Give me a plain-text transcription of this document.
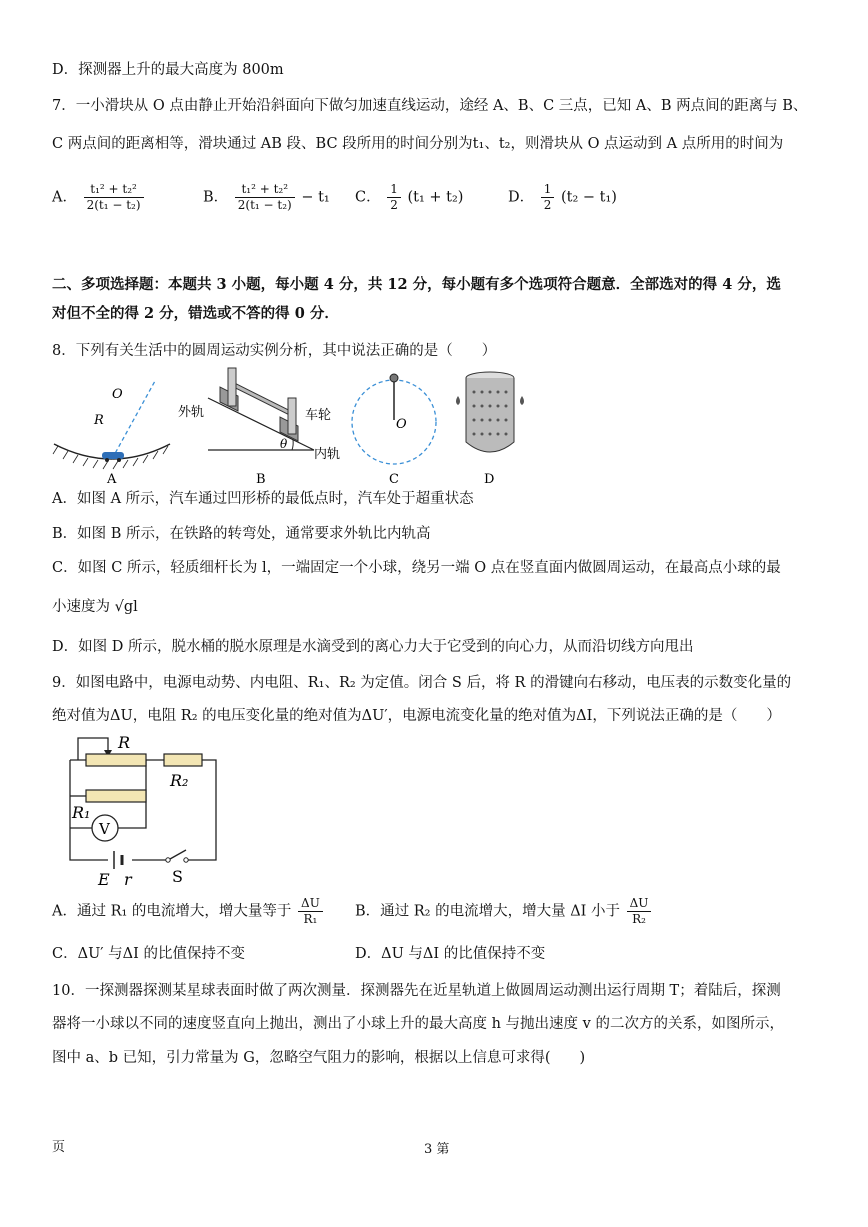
D．探测器上升的最大高度为 800m
7．一小滑块从 O 点由静止开始沿斜面向下做匀加速直线运动，途经 A、B、C 三点，已知 A、B 两点间的距离与 B、
C 两点间的距离相等，滑块通过 AB 段、BC 段所用的时间分别为t₁、t₂，则滑块从 O 点运动到 A 点所用的时间为
A． $\frac{\text{t₁² + t₂²}}{\text{2(t₁ − t₂)}}$	B． $\frac{\text{t₁² + t₂²}}{\text{2(t₁ − t₂)}} - t_1$ C． $\frac{1}{2} (t_1 + t_2)$	D． $\frac{1}{2} (t_2 - t_1)$
二、多项选择题：本题共 3 小题，每小题 4 分，共 12 分，每小题有多个选项符合题意．全部选对的得 4 分，选
对但不全的得 2 分，错选或不答的得 0 分．
8．下列有关生活中的圆周运动实例分析，其中说法正确的是（　　）
O
R
A
外轨	车轮
内轨
θ
B
O
C	D
A．如图 A 所示，汽车通过凹形桥的最低点时，汽车处于超重状态
B．如图 B 所示，在铁路的转弯处，通常要求外轨比内轨高
C．如图 C 所示，轻质细杆长为 l，一端固定一个小球，绕另一端 O 点在竖直面内做圆周运动，在最高点小球的最
小速度为 √gl
D．如图 D 所示，脱水桶的脱水原理是水滴受到的离心力大于它受到的向心力，从而沿切线方向甩出
9．如图电路中，电源电动势、内电阻、R₁、R₂ 为定值。闭合 S 后，将 R 的滑键向右移动，电压表的示数变化量的
绝对值为ΔU，电阻 R₂ 的电压变化量的绝对值为ΔU′，电源电流变化量的绝对值为ΔI，下列说法正确的是（　　）
V
R
R₂
R₁
E r	S
A．通过 R₁ 的电流增大，增大量等于 $\frac{\Delta U}{\text{R₁}}$ B．通过 R₂ 的电流增大，增大量 ΔI 小于 $\frac{\Delta U}{\text{R₂}}$
C．ΔU′ 与ΔI 的比值保持不变	D．ΔU 与ΔI 的比值保持不变
10．一探测器探测某星球表面时做了两次测量．探测器先在近星轨道上做圆周运动测出运行周期 T；着陆后，探测
器将一小球以不同的速度竖直向上抛出，测出了小球上升的最大高度 h 与抛出速度 v 的二次方的关系，如图所示，
图中 a、b 已知，引力常量为 G，忽略空气阻力的影响，根据以上信息可求得(　　)
页	3 第
